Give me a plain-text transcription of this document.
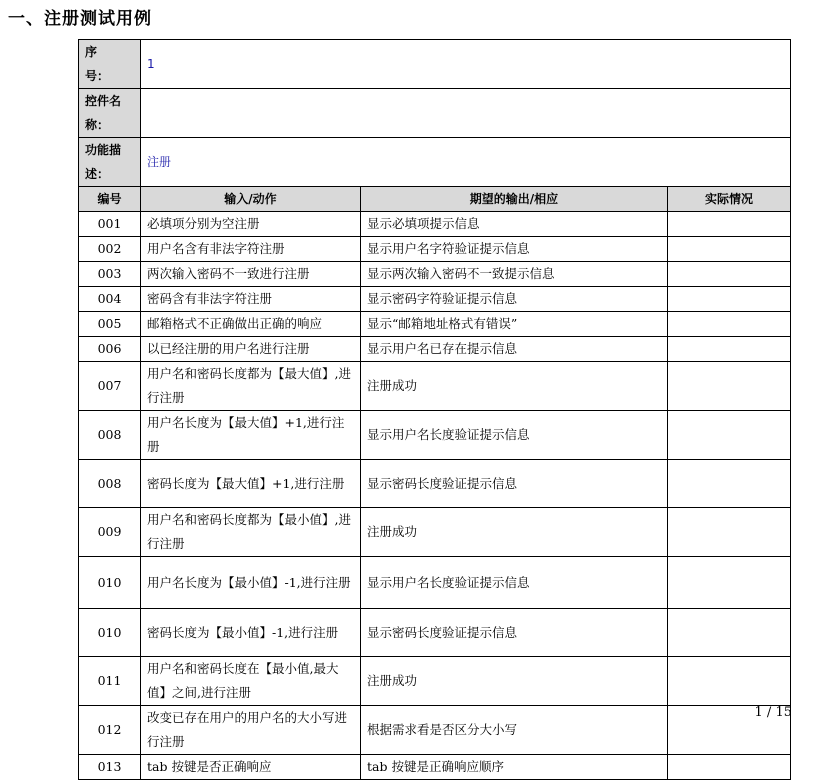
一、注册测试用例
序　　号：	1		
控件名称：			
功能描述：	注册		
编号	输入/动作	期望的输出/相应	实际情况
001	必填项分别为空注册	显示必填项提示信息	
002	用户名含有非法字符注册	显示用户名字符验证提示信息	
003	两次输入密码不一致进行注册	显示两次输入密码不一致提示信息	
004	密码含有非法字符注册	显示密码字符验证提示信息	
005	邮箱格式不正确做出正确的响应	显示“邮箱地址格式有错误”	
006	以已经注册的用户名进行注册	显示用户名已存在提示信息	
007	用户名和密码长度都为【最大值】,进行注册	注册成功	
008	用户名长度为【最大值】+1,进行注册	显示用户名长度验证提示信息	
008	密码长度为【最大值】+1,进行注册	显示密码长度验证提示信息	
009	用户名和密码长度都为【最小值】,进行注册	注册成功	
010	用户名长度为【最小值】-1,进行注册	显示用户名长度验证提示信息	
010	密码长度为【最小值】-1,进行注册	显示密码长度验证提示信息	
011	用户名和密码长度在【最小值,最大值】之间,进行注册	注册成功	
012	改变已存在用户的用户名的大小写进行注册	根据需求看是否区分大小写	
013	tab 按键是否正确响应	tab 按键是正确响应顺序	
1 / 15
